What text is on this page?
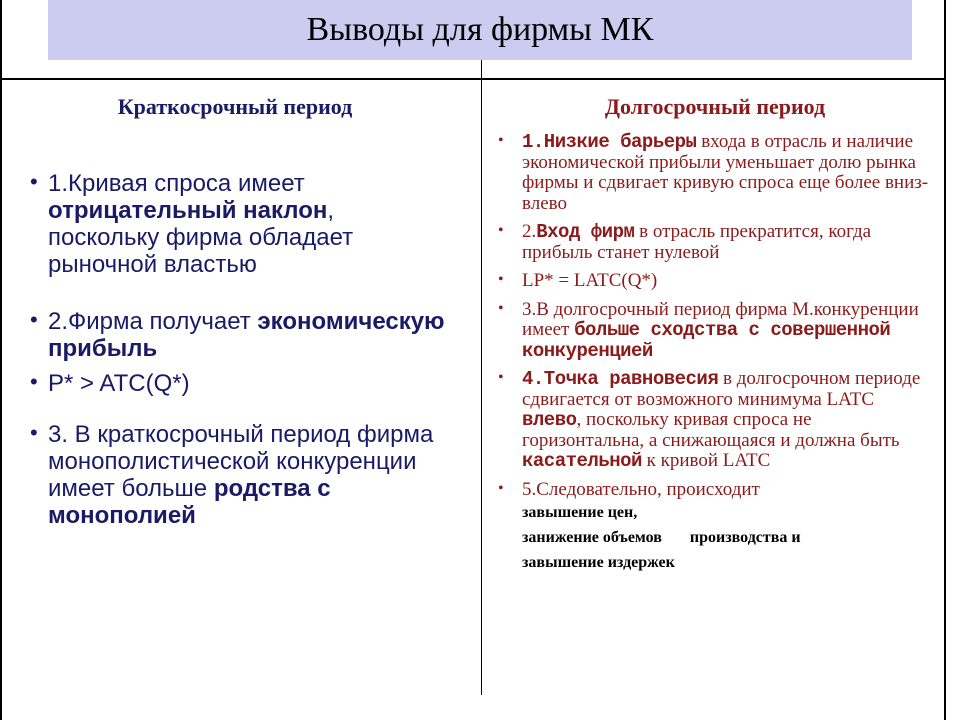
Выводы для фирмы МК
Краткосрочный период	Долгосрочный период
• 1.Кривая спроса имеет отрицательный наклон, поскольку фирма обладает рыночной властью
• 2.Фирма получает экономическую прибыль
• P* > ATC(Q*)
• 3. В краткосрочный период фирма монополистической конкуренции имеет больше родства с монополией
• 1.Низкие барьеры входа в отрасль и наличие экономической прибыли уменьшает долю рынка фирмы и сдвигает кривую спроса еще более вниз-влево
• 2.Вход фирм в отрасль прекратится, когда прибыль станет нулевой
• LP* = LATC(Q*)
• 3.В долгосрочный период фирма М.конкуренции имеет больше сходства с совершенной конкуренцией
• 4.Точка равновесия в долгосрочном периоде сдвигается от возможного минимума LATC влево, поскольку кривая спроса не горизонтальна, а снижающаяся и должна быть касательной к кривой LATC
• 5.Следовательно, происходит
завышение цен,
занижение объемов производства и
завышение издержек
